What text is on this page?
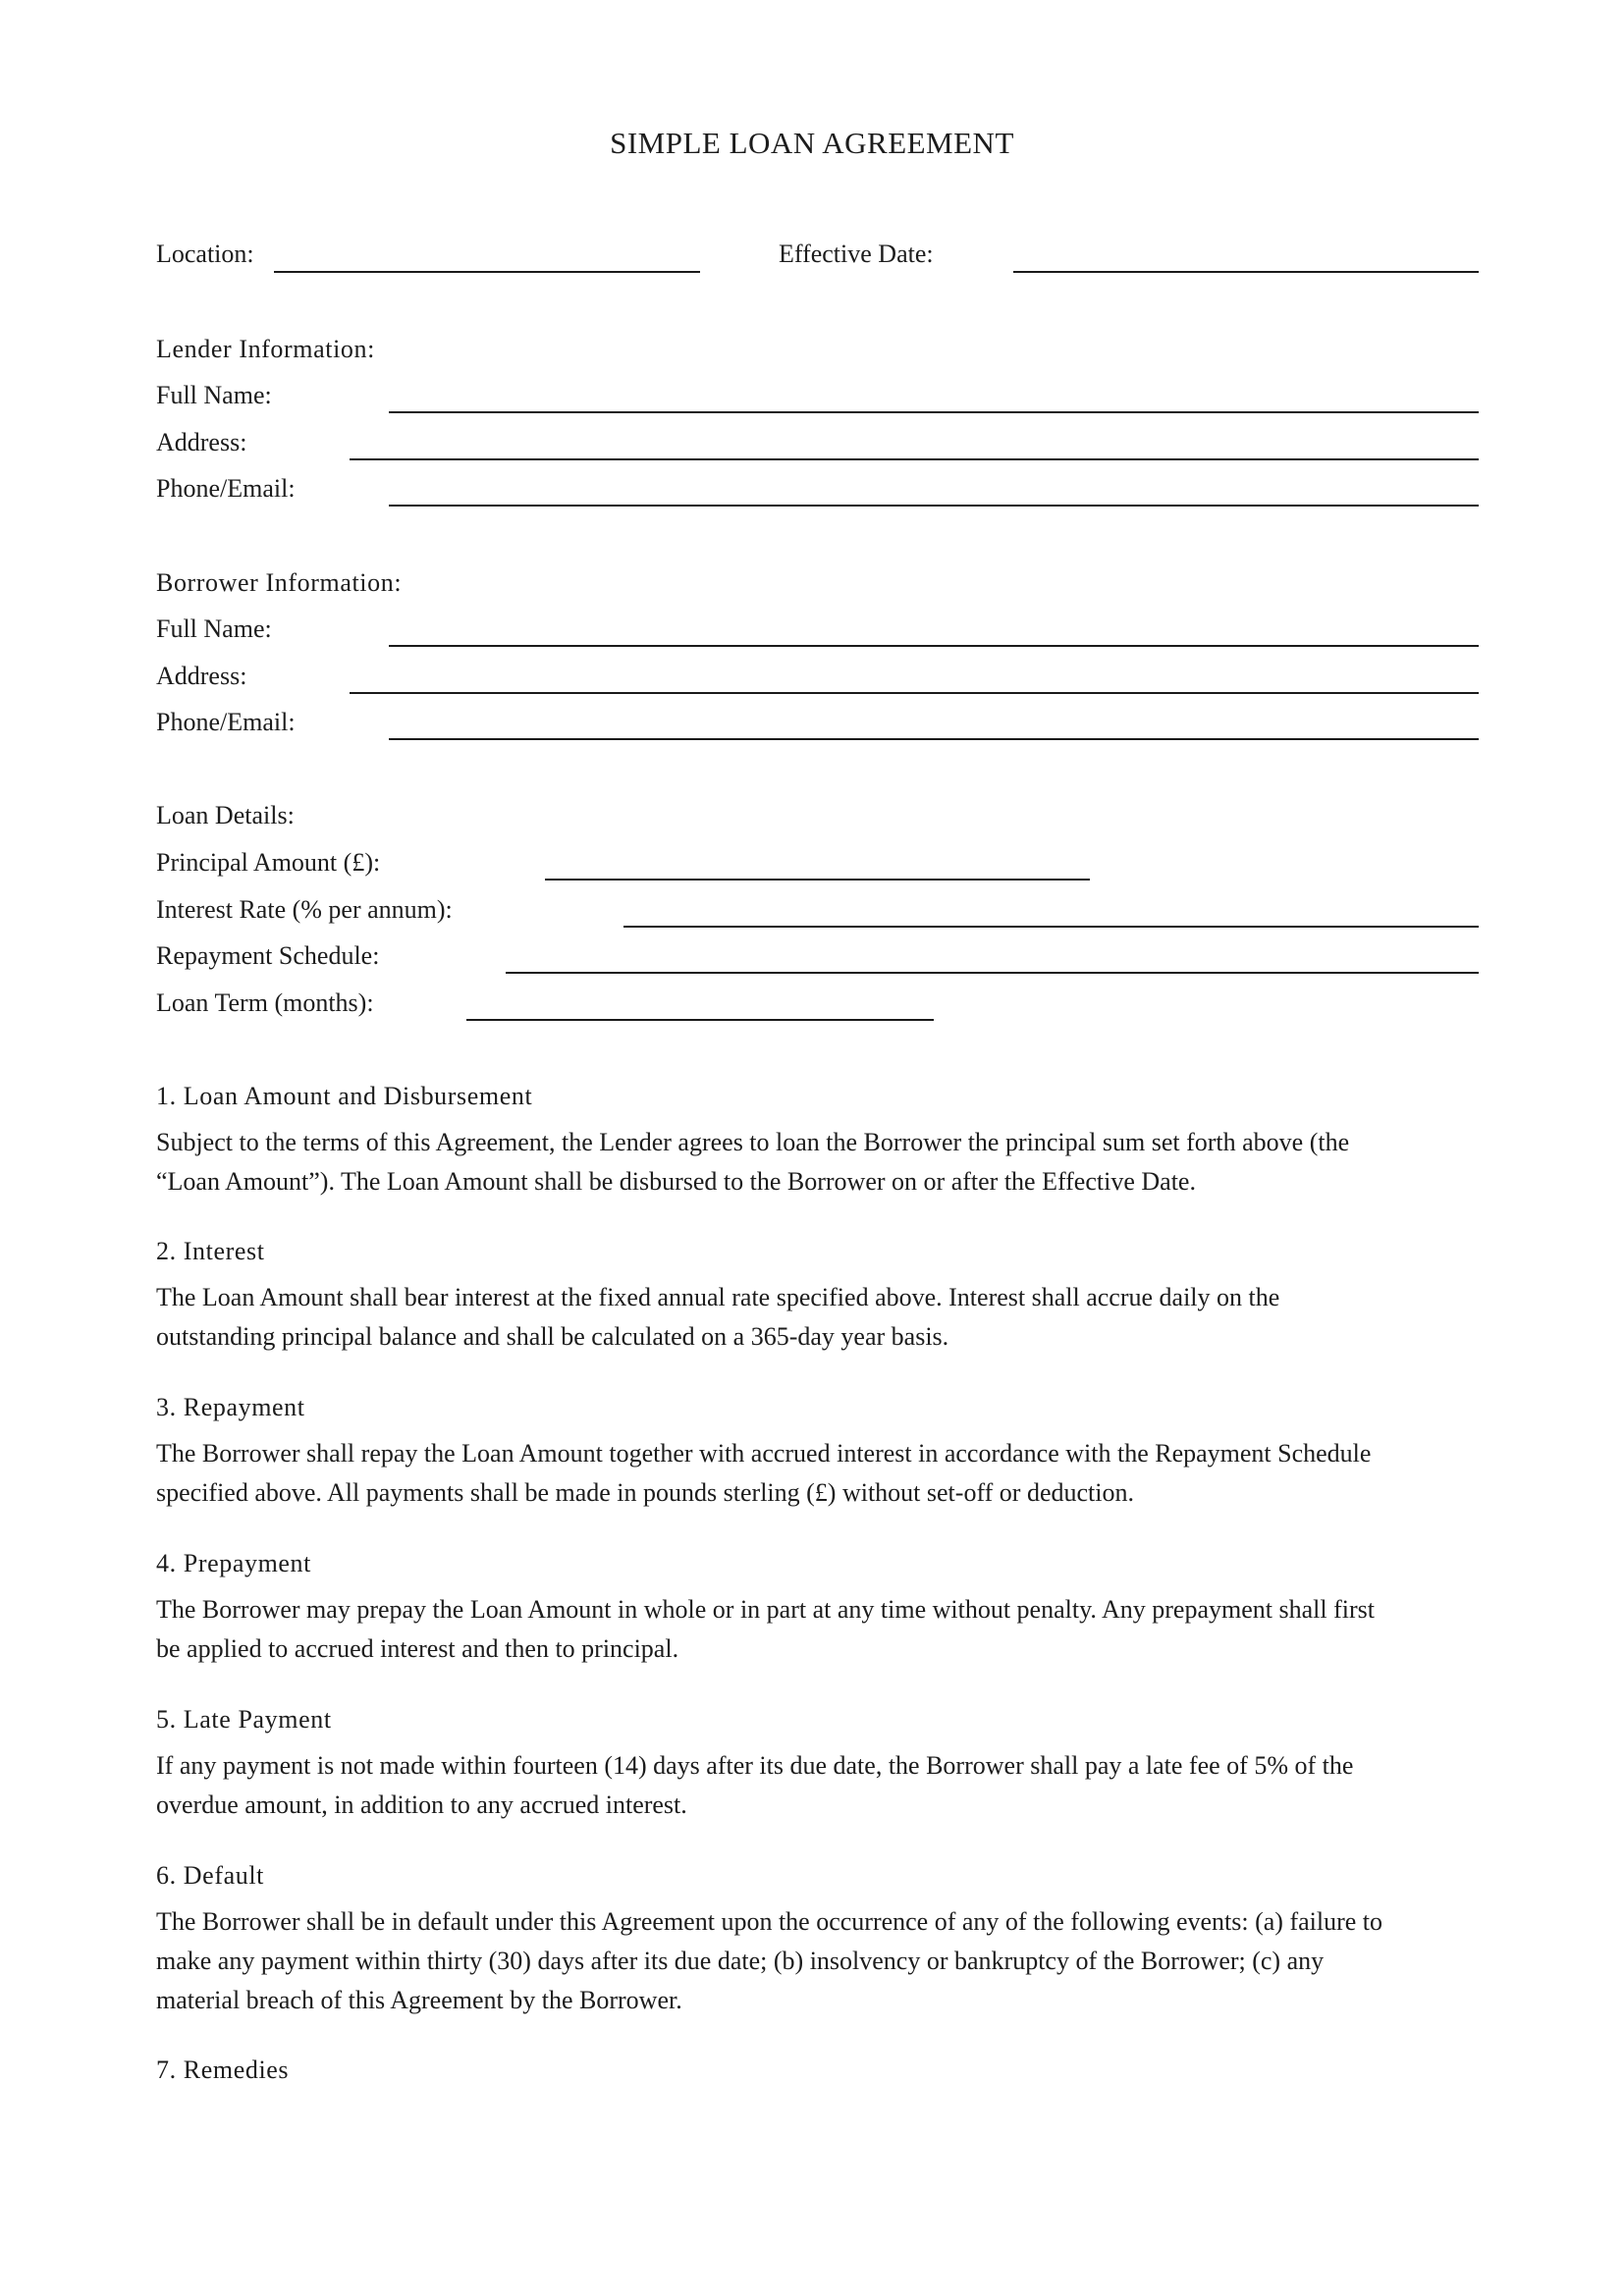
SIMPLE LOAN AGREEMENT
Location:	Effective Date:
Lender Information:
Full Name:
Address:
Phone/Email:
Borrower Information:
Full Name:
Address:
Phone/Email:
Loan Details:
Principal Amount (£):
Interest Rate (% per annum):
Repayment Schedule:
Loan Term (months):
1. Loan Amount and Disbursement
Subject to the terms of this Agreement, the Lender agrees to loan the Borrower the principal sum set forth above (the
“Loan Amount”). The Loan Amount shall be disbursed to the Borrower on or after the Effective Date.
2. Interest
The Loan Amount shall bear interest at the fixed annual rate specified above. Interest shall accrue daily on the
outstanding principal balance and shall be calculated on a 365-day year basis.
3. Repayment
The Borrower shall repay the Loan Amount together with accrued interest in accordance with the Repayment Schedule
specified above. All payments shall be made in pounds sterling (£) without set-off or deduction.
4. Prepayment
The Borrower may prepay the Loan Amount in whole or in part at any time without penalty. Any prepayment shall first
be applied to accrued interest and then to principal.
5. Late Payment
If any payment is not made within fourteen (14) days after its due date, the Borrower shall pay a late fee of 5% of the
overdue amount, in addition to any accrued interest.
6. Default
The Borrower shall be in default under this Agreement upon the occurrence of any of the following events: (a) failure to
make any payment within thirty (30) days after its due date; (b) insolvency or bankruptcy of the Borrower; (c) any
material breach of this Agreement by the Borrower.
7. Remedies
